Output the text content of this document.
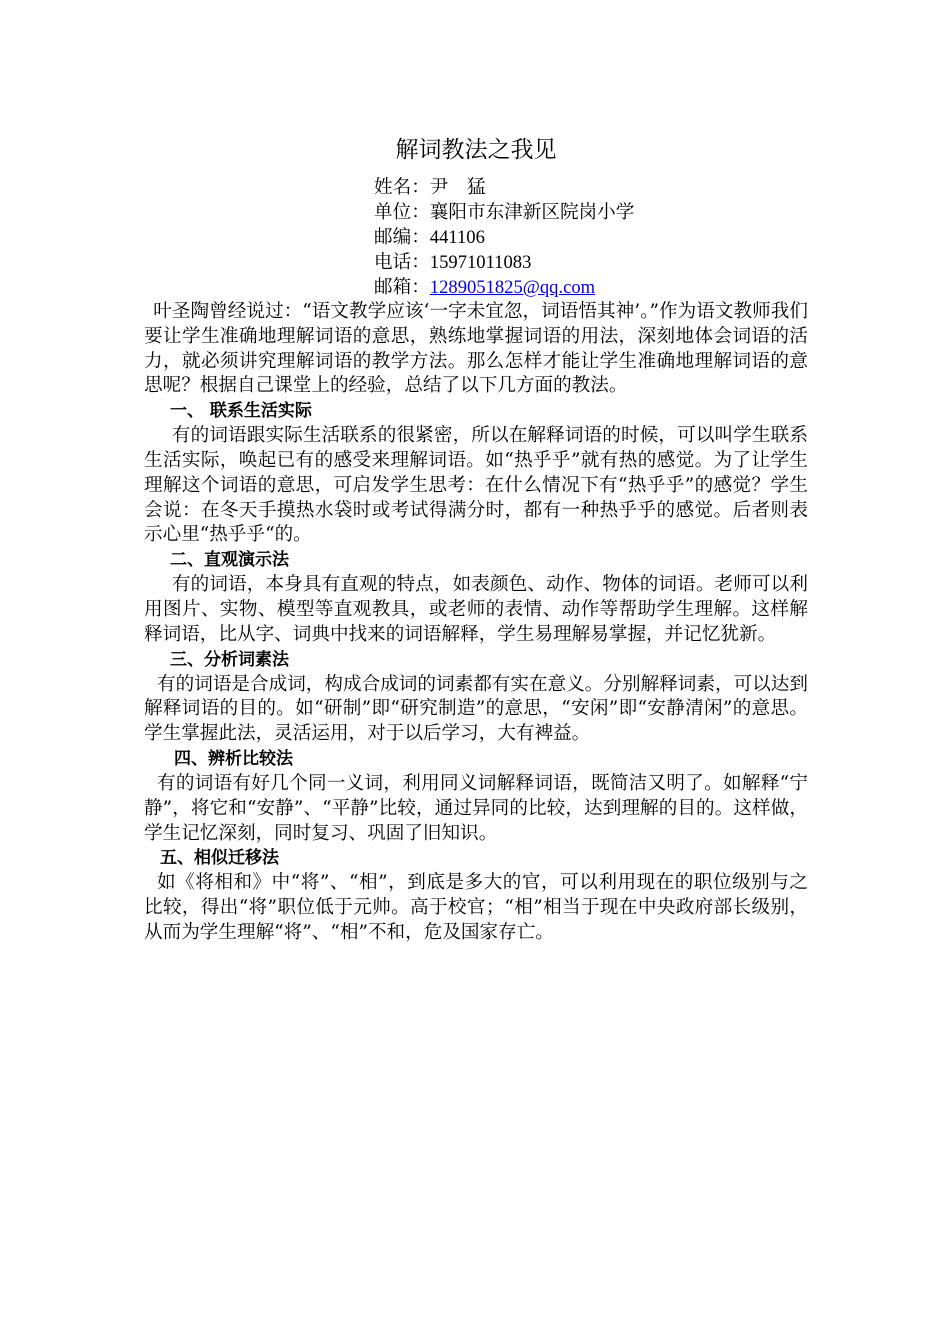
解词教法之我见
姓名：尹　猛
单位：襄阳市东津新区院岗小学
邮编：441106
电话：15971011083
邮箱：1289051825@qq.com

叶圣陶曾经说过：“语文教学应该‘一字未宜忽，词语悟其神’。”作为语文教师我们要让学生准确地理解词语的意思，熟练地掌握词语的用法，深刻地体会词语的活力，就必须讲究理解词语的教学方法。那么怎样才能让学生准确地理解词语的意思呢？根据自己课堂上的经验，总结了以下几方面的教法。

一、 联系生活实际

有的词语跟实际生活联系的很紧密，所以在解释词语的时候，可以叫学生联系生活实际，唤起已有的感受来理解词语。如“热乎乎”就有热的感觉。为了让学生理解这个词语的意思，可启发学生思考：在什么情况下有“热乎乎”的感觉？学生会说：在冬天手摸热水袋时或考试得满分时，都有一种热乎乎的感觉。后者则表示心里“热乎乎“的。

二、直观演示法

有的词语，本身具有直观的特点，如表颜色、动作、物体的词语。老师可以利用图片、实物、模型等直观教具，或老师的表情、动作等帮助学生理解。这样解释词语，比从字、词典中找来的词语解释，学生易理解易掌握，并记忆犹新。

三、分析词素法

有的词语是合成词，构成合成词的词素都有实在意义。分别解释词素，可以达到解释词语的目的。如“研制”即“研究制造”的意思，“安闲”即“安静清闲”的意思。学生掌握此法，灵活运用，对于以后学习，大有裨益。

四、辨析比较法

有的词语有好几个同一义词，利用同义词解释词语，既简洁又明了。如解释“宁静”，将它和“安静”、“平静”比较，通过异同的比较，达到理解的目的。这样做，学生记忆深刻，同时复习、巩固了旧知识。

五、相似迁移法

如《将相和》中“将”、“相”，到底是多大的官，可以利用现在的职位级别与之比较，得出“将”职位低于元帅。高于校官；“相”相当于现在中央政府部长级别，从而为学生理解“将”、“相”不和，危及国家存亡。
